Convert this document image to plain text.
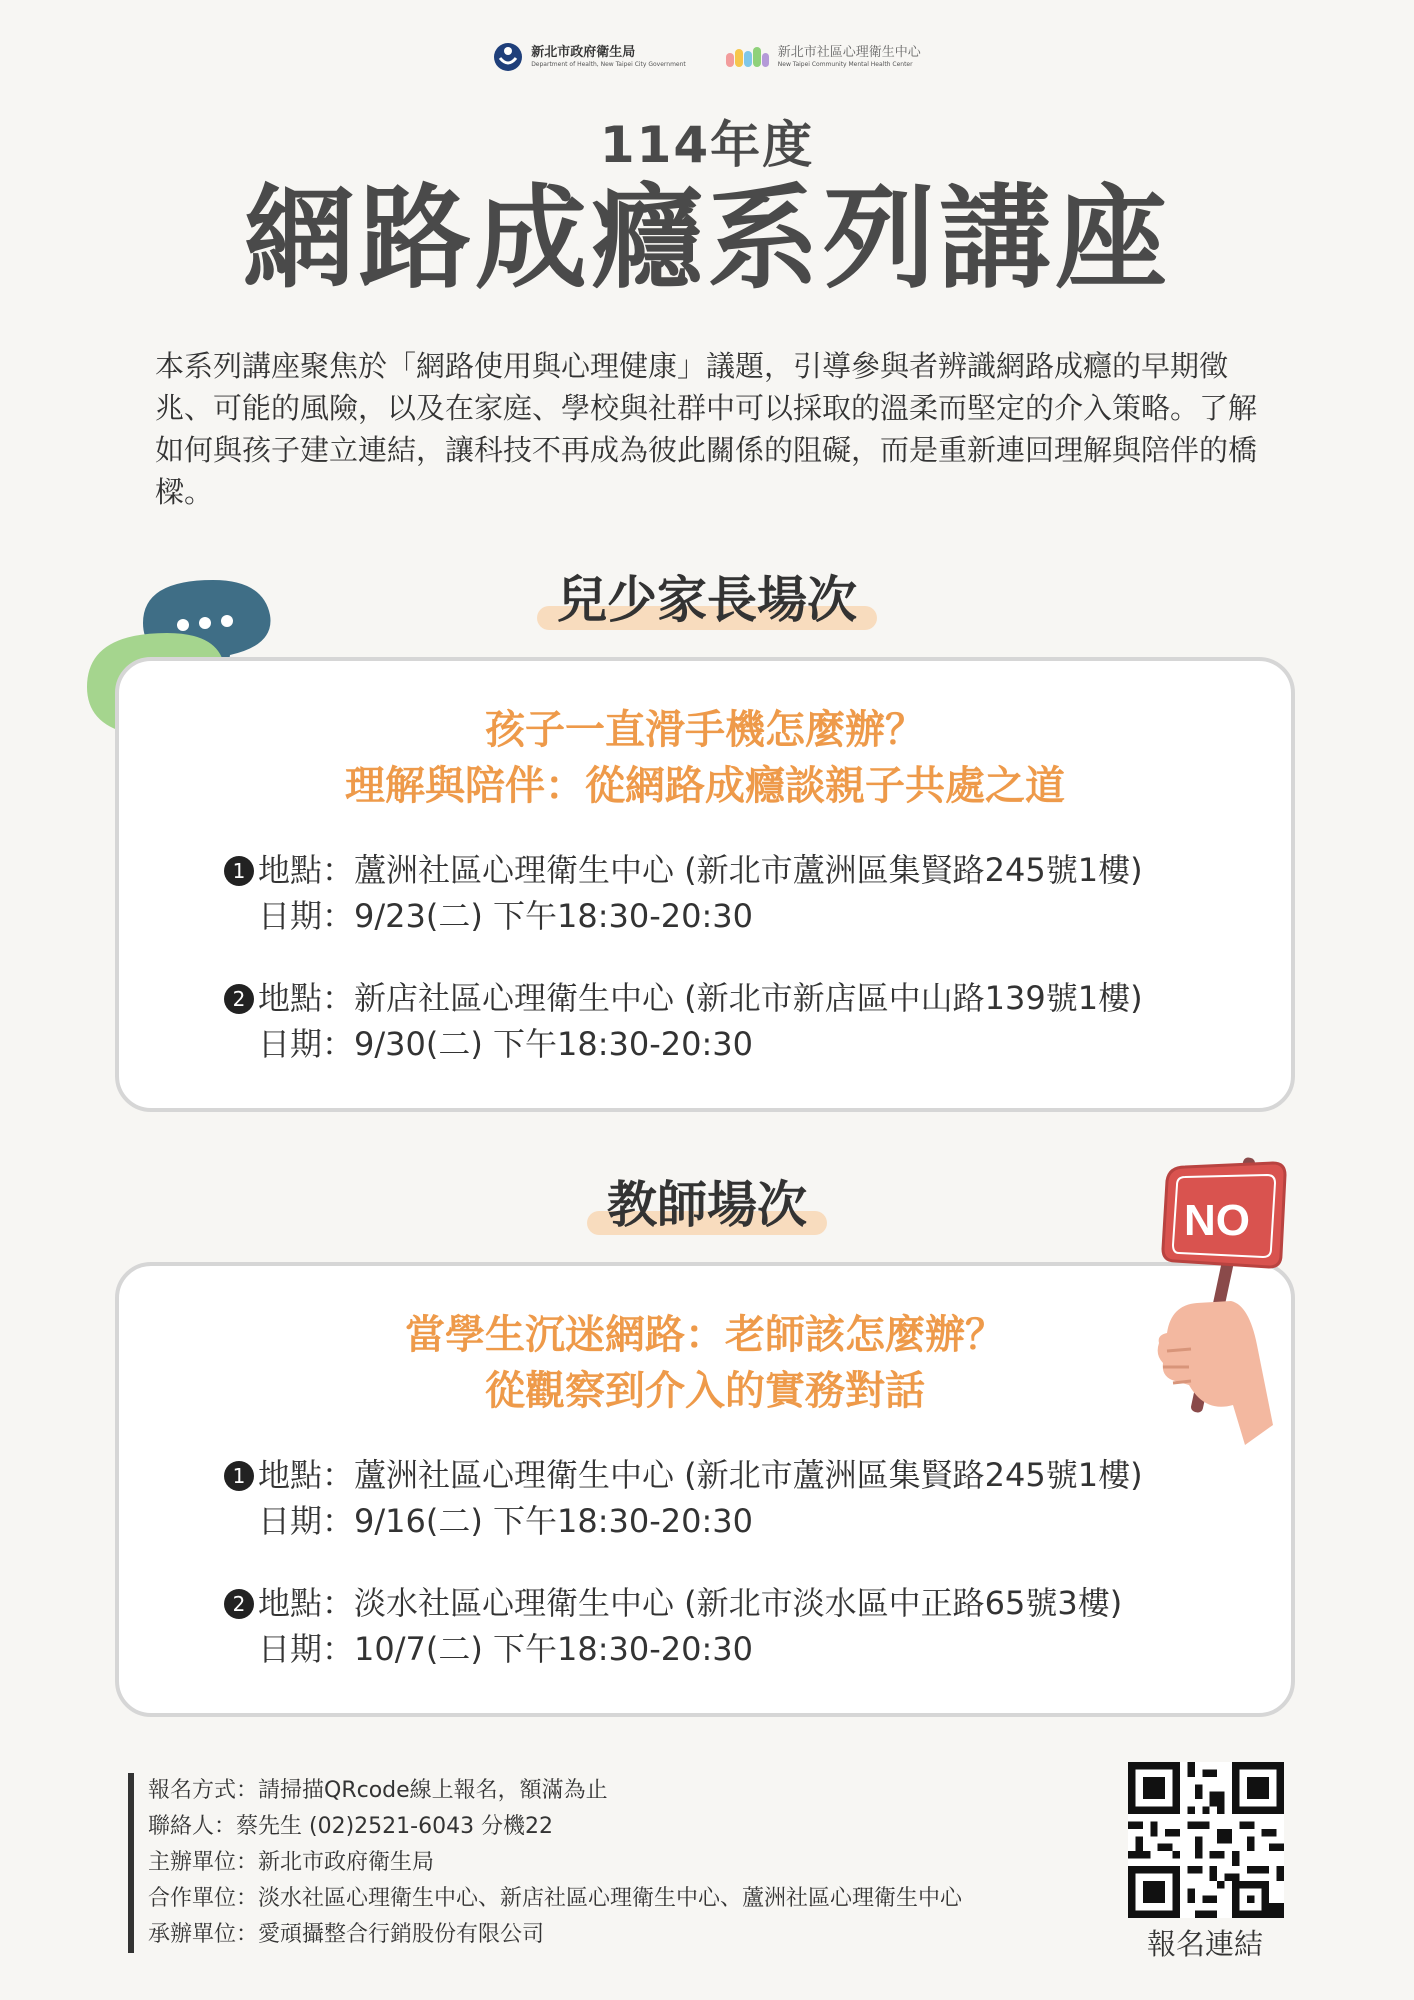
新北市政府衛生局
Department of Health, New Taipei City Government
新北市社區心理衛生中心
New Taipei Community Mental Health Center
114年度
網路成癮系列講座
本系列講座聚焦於「網路使用與心理健康」議題，引導參與者辨識網路成癮的早期徵兆、可能的風險，以及在家庭、學校與社群中可以採取的溫柔而堅定的介入策略。了解如何與孩子建立連結，讓科技不再成為彼此關係的阻礙，而是重新連回理解與陪伴的橋樑。
兒少家長場次
孩子一直滑手機怎麼辦？
理解與陪伴：從網路成癮談親子共處之道
1 地點：蘆洲社區心理衛生中心 (新北市蘆洲區集賢路245號1樓)
日期：9/23(二) 下午18:30-20:30
2 地點：新店社區心理衛生中心 (新北市新店區中山路139號1樓)
日期：9/30(二) 下午18:30-20:30
教師場次
當學生沉迷網路：老師該怎麼辦？
從觀察到介入的實務對話
1 地點：蘆洲社區心理衛生中心 (新北市蘆洲區集賢路245號1樓)
日期：9/16(二) 下午18:30-20:30
2 地點：淡水社區心理衛生中心 (新北市淡水區中正路65號3樓)
日期：10/7(二) 下午18:30-20:30
NO
報名方式：請掃描QRcode線上報名，額滿為止
聯絡人：蔡先生 (02)2521-6043 分機22
主辦單位：新北市政府衛生局
合作單位：淡水社區心理衛生中心、新店社區心理衛生中心、蘆洲社區心理衛生中心
承辦單位：愛頑攝整合行銷股份有限公司	報名連結
